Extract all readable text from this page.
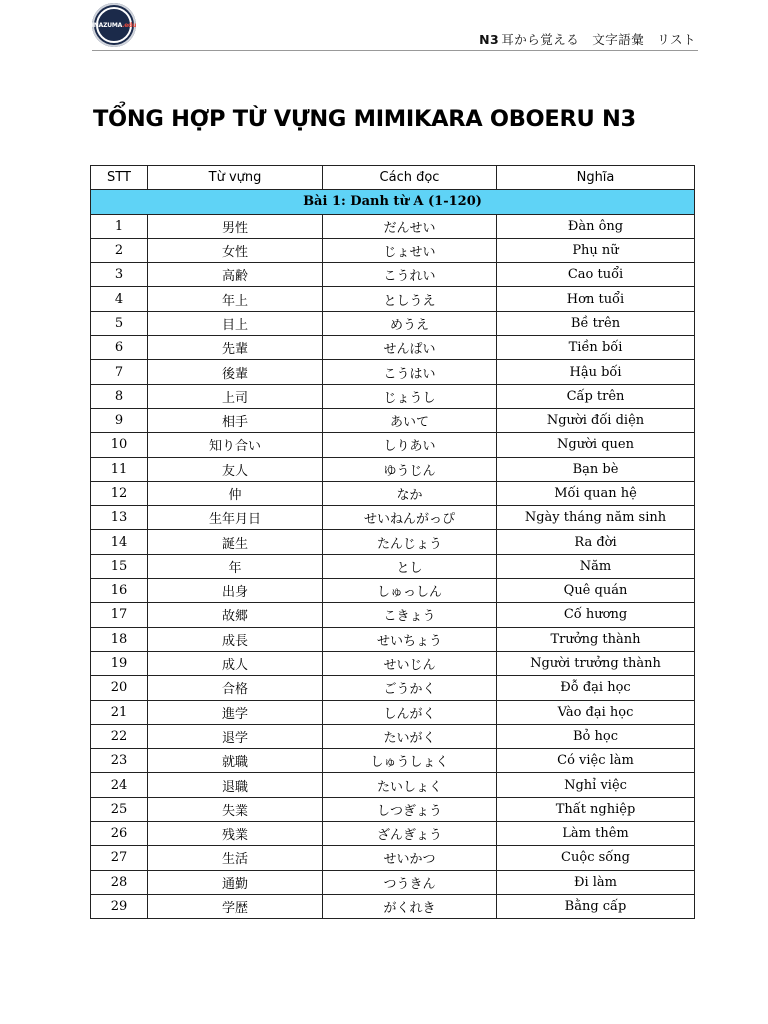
INAZUMA .edu
N3 耳から覚える　文字語彙　リスト
TỔNG HỢP TỪ VỰNG MIMIKARA OBOERU N3
STT	Từ vựng	Cách đọc	Nghĩa
Bài 1: Danh từ A (1-120)			
1	男性	だんせい	Đàn ông
2	女性	じょせい	Phụ nữ
3	高齢	こうれい	Cao tuổi
4	年上	としうえ	Hơn tuổi
5	目上	めうえ	Bề trên
6	先輩	せんぱい	Tiền bối
7	後輩	こうはい	Hậu bối
8	上司	じょうし	Cấp trên
9	相手	あいて	Người đối diện
10	知り合い	しりあい	Người quen
11	友人	ゆうじん	Bạn bè
12	仲	なか	Mối quan hệ
13	生年月日	せいねんがっぴ	Ngày tháng năm sinh
14	誕生	たんじょう	Ra đời
15	年	とし	Năm
16	出身	しゅっしん	Quê quán
17	故郷	こきょう	Cố hương
18	成長	せいちょう	Trưởng thành
19	成人	せいじん	Người trưởng thành
20	合格	ごうかく	Đỗ đại học
21	進学	しんがく	Vào đại học
22	退学	たいがく	Bỏ học
23	就職	しゅうしょく	Có việc làm
24	退職	たいしょく	Nghỉ việc
25	失業	しつぎょう	Thất nghiệp
26	残業	ざんぎょう	Làm thêm
27	生活	せいかつ	Cuộc sống
28	通勤	つうきん	Đi làm
29	学歴	がくれき	Bằng cấp
